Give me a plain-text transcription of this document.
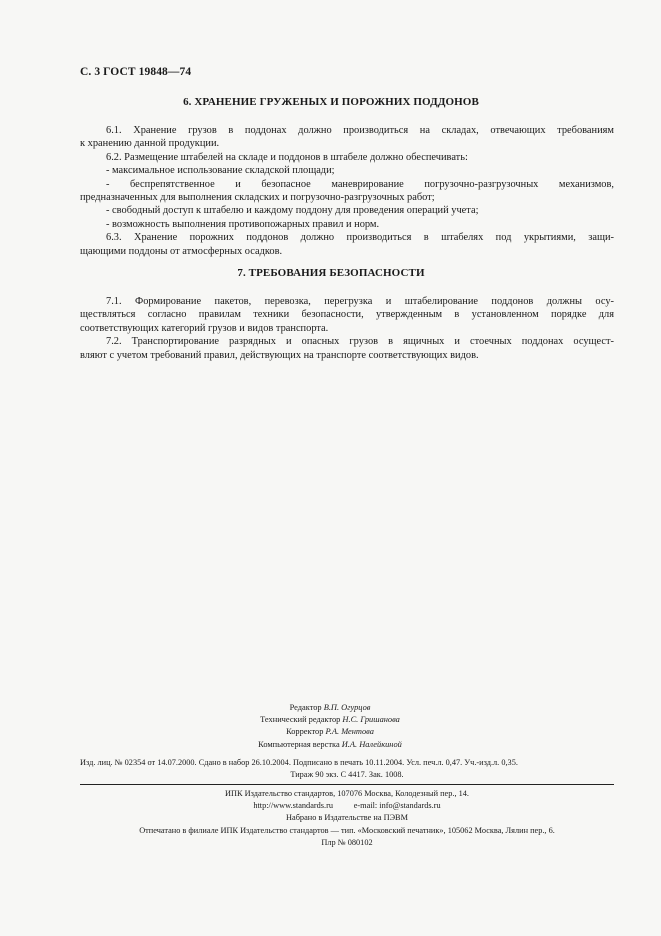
С. 3 ГОСТ 19848—74
6. ХРАНЕНИЕ ГРУЖЕНЫХ И ПОРОЖНИХ ПОДДОНОВ
6.1. Хранение грузов в поддонах должно производиться на складах, отвечающих требованиям
к хранению данной продукции.
6.2. Размещение штабелей на складе и поддонов в штабеле должно обеспечивать:
- максимальное использование складской площади;
- беспрепятственное и безопасное маневрирование погрузочно-разгрузочных механизмов,
предназначенных для выполнения складских и погрузочно-разгрузочных работ;
- свободный доступ к штабелю и каждому поддону для проведения операций учета;
- возможность выполнения противопожарных правил и норм.
6.3. Хранение порожних поддонов должно производиться в штабелях под укрытиями, защи-
щающими поддоны от атмосферных осадков.
7. ТРЕБОВАНИЯ БЕЗОПАСНОСТИ
7.1. Формирование пакетов, перевозка, перегрузка и штабелирование поддонов должны осу-
ществляться согласно правилам техники безопасности, утвержденным в установленном порядке для
соответствующих категорий грузов и видов транспорта.
7.2. Транспортирование разрядных и опасных грузов в ящичных и стоечных поддонах осущест-
вляют с учетом требований правил, действующих на транспорте соответствующих видов.
Редактор В.П. Огурцов
Технический редактор Н.С. Гришанова
Корректор Р.А. Ментова
Компьютерная верстка И.А. Налейкиной
Изд. лиц. № 02354 от 14.07.2000. Сдано в набор 26.10.2004. Подписано в печать 10.11.2004. Усл. печ.л. 0,47. Уч.-изд.л. 0,35.
Тираж 90 экз. С 4417. Зак. 1008.
ИПК Издательство стандартов, 107076 Москва, Колодезный пер., 14.
http://www.standards.ru          e-mail: info@standards.ru
Набрано в Издательстве на ПЭВМ
Отпечатано в филиале ИПК Издательство стандартов — тип. «Московский печатник», 105062 Москва, Лялин пер., 6.
Плр № 080102
